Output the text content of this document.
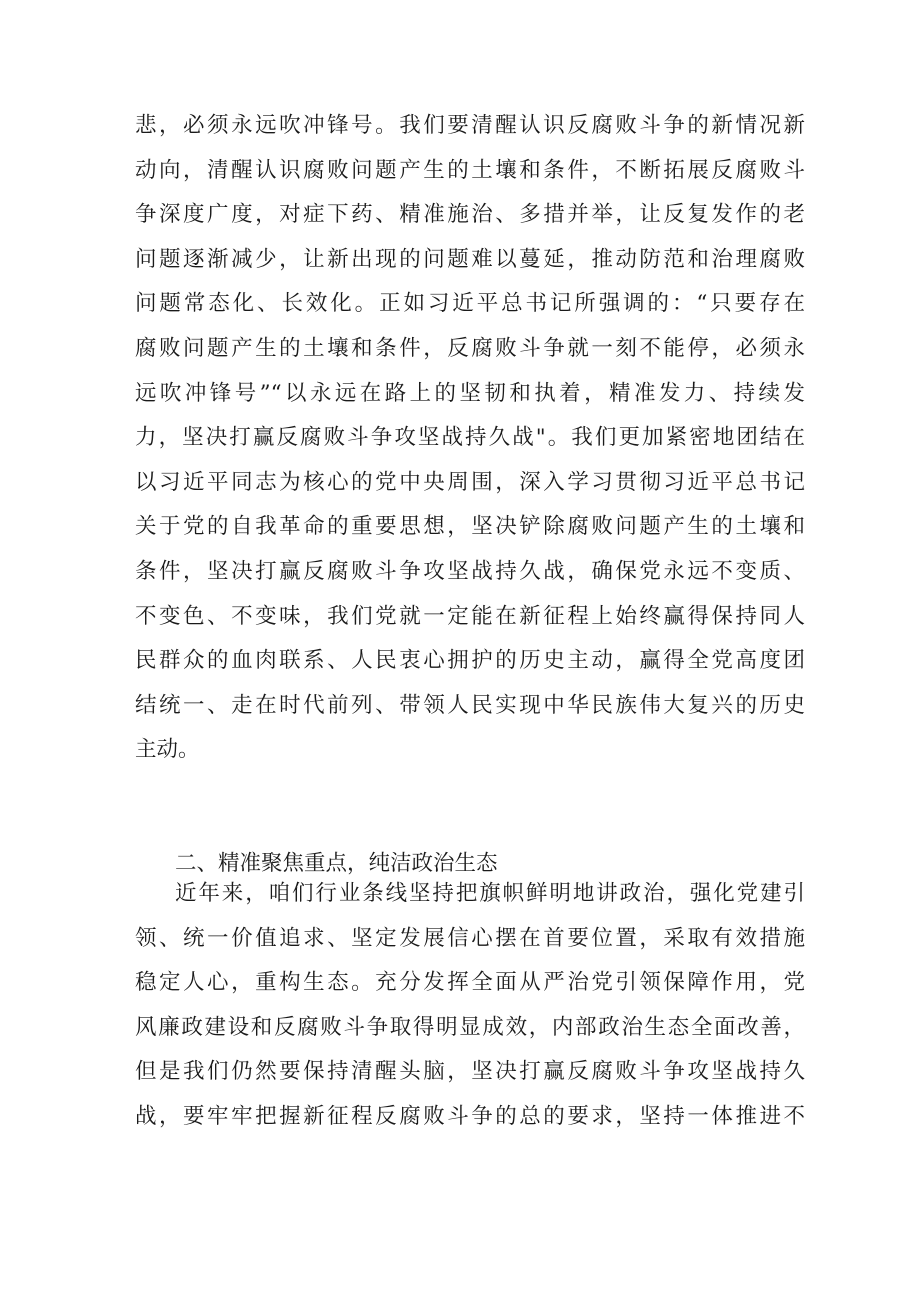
悲，必须永远吹冲锋号。我们要清醒认识反腐败斗争的新情况新
动向，清醒认识腐败问题产生的土壤和条件，不断拓展反腐败斗
争深度广度，对症下药、精准施治、多措并举，让反复发作的老
问题逐渐减少，让新出现的问题难以蔓延，推动防范和治理腐败
问题常态化、长效化。正如习近平总书记所强调的：“只要存在
腐败问题产生的土壤和条件，反腐败斗争就一刻不能停，必须永
远吹冲锋号”“以永远在路上的坚韧和执着，精准发力、持续发
力，坚决打赢反腐败斗争攻坚战持久战"。我们更加紧密地团结在
以习近平同志为核心的党中央周围，深入学习贯彻习近平总书记
关于党的自我革命的重要思想，坚决铲除腐败问题产生的土壤和
条件，坚决打赢反腐败斗争攻坚战持久战，确保党永远不变质、
不变色、不变味，我们党就一定能在新征程上始终赢得保持同人
民群众的血肉联系、人民衷心拥护的历史主动，赢得全党高度团
结统一、走在时代前列、带领人民实现中华民族伟大复兴的历史
主动。
二、精准聚焦重点，纯洁政治生态
近年来，咱们行业条线坚持把旗帜鲜明地讲政治，强化党建引
领、统一价值追求、坚定发展信心摆在首要位置，采取有效措施
稳定人心，重构生态。充分发挥全面从严治党引领保障作用，党
风廉政建设和反腐败斗争取得明显成效，内部政治生态全面改善，
但是我们仍然要保持清醒头脑，坚决打赢反腐败斗争攻坚战持久
战，要牢牢把握新征程反腐败斗争的总的要求，坚持一体推进不
